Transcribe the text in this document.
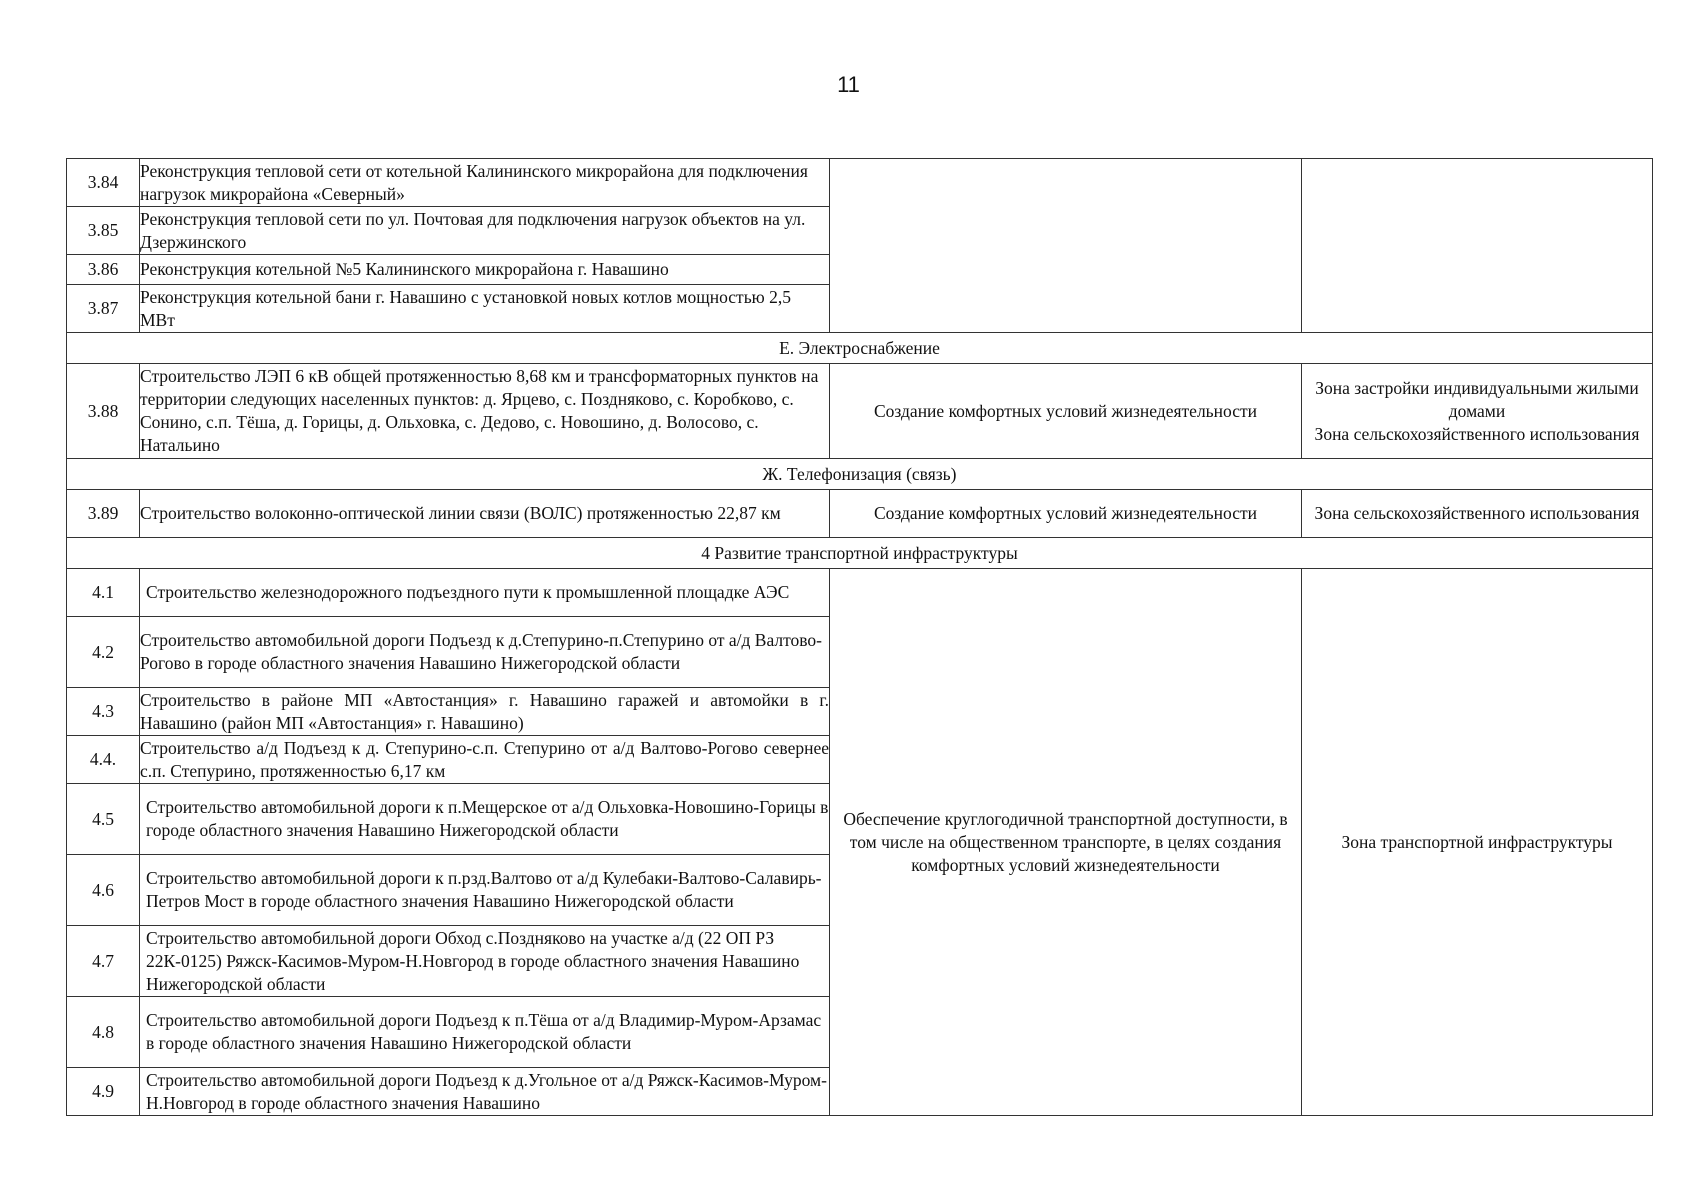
11
3.84	Реконструкция тепловой сети от котельной Калининского микрорайона для подключения нагрузок микрорайона «Северный»		
3.85	Реконструкция тепловой сети по ул. Почтовая для подключения нагрузок объектов на ул. Дзержинского		
3.86	Реконструкция котельной №5 Калининского микрорайона г. Навашино		
3.87	Реконструкция котельной бани г. Навашино с установкой новых котлов мощностью 2,5 МВт		
Е. Электроснабжение			
3.88	Строительство ЛЭП 6 кВ общей протяженностью 8,68 км и трансформаторных пунктов на территории следующих населенных пунктов: д. Ярцево, с. Поздняково, с. Коробково, с. Сонино, с.п. Тёша, д. Горицы, д. Ольховка, с. Дедово, с. Новошино, д. Волосово, с. Натальино	Создание комфортных условий жизнедеятельности	Зона застройки индивидуальными жилыми домами
Зона сельскохозяйственного использования

Ж. Телефонизация (связь)			
3.89	Строительство волоконно-оптической линии связи (ВОЛС) протяженностью 22,87 км	Создание комфортных условий жизнедеятельности	Зона сельскохозяйственного использования
4 Развитие транспортной инфраструктуры			
4.1	Строительство железнодорожного подъездного пути к промышленной площадке АЭС	Обеспечение круглогодичной транспортной доступности, в том числе на общественном транспорте, в целях создания комфортных условий жизнедеятельности	Зона транспортной инфраструктуры
4.2	Строительство автомобильной дороги Подъезд к д.Степурино-п.Степурино от а/д Валтово-Рогово в городе областного значения Навашино Нижегородской области		
4.3	Строительство в районе МП «Автостанция» г. Навашино гаражей и автомойки в г. Навашино (район МП «Автостанция» г. Навашино)		
4.4.	Строительство а/д Подъезд к д. Степурино-с.п. Степурино от а/д Валтово-Рогово севернее с.п. Степурино, протяженностью 6,17 км		
4.5	Строительство автомобильной дороги к п.Мещерское от а/д Ольховка-Новошино-Горицы в городе областного значения Навашино Нижегородской области		
4.6	Строительство автомобильной дороги к п.рзд.Валтово от а/д Кулебаки-Валтово-Салавирь-Петров Мост в городе областного значения Навашино Нижегородской области		
4.7	Строительство автомобильной дороги Обход с.Поздняково на участке а/д (22 ОП РЗ 22К-0125) Ряжск-Касимов-Муром-Н.Новгород в городе областного значения Навашино Нижегородской области		
4.8	Строительство автомобильной дороги Подъезд к п.Тёша от а/д Владимир-Муром-Арзамас в городе областного значения Навашино Нижегородской области		
4.9	Строительство автомобильной дороги Подъезд к д.Угольное от а/д Ряжск-Касимов-Муром-Н.Новгород в городе областного значения Навашино		
